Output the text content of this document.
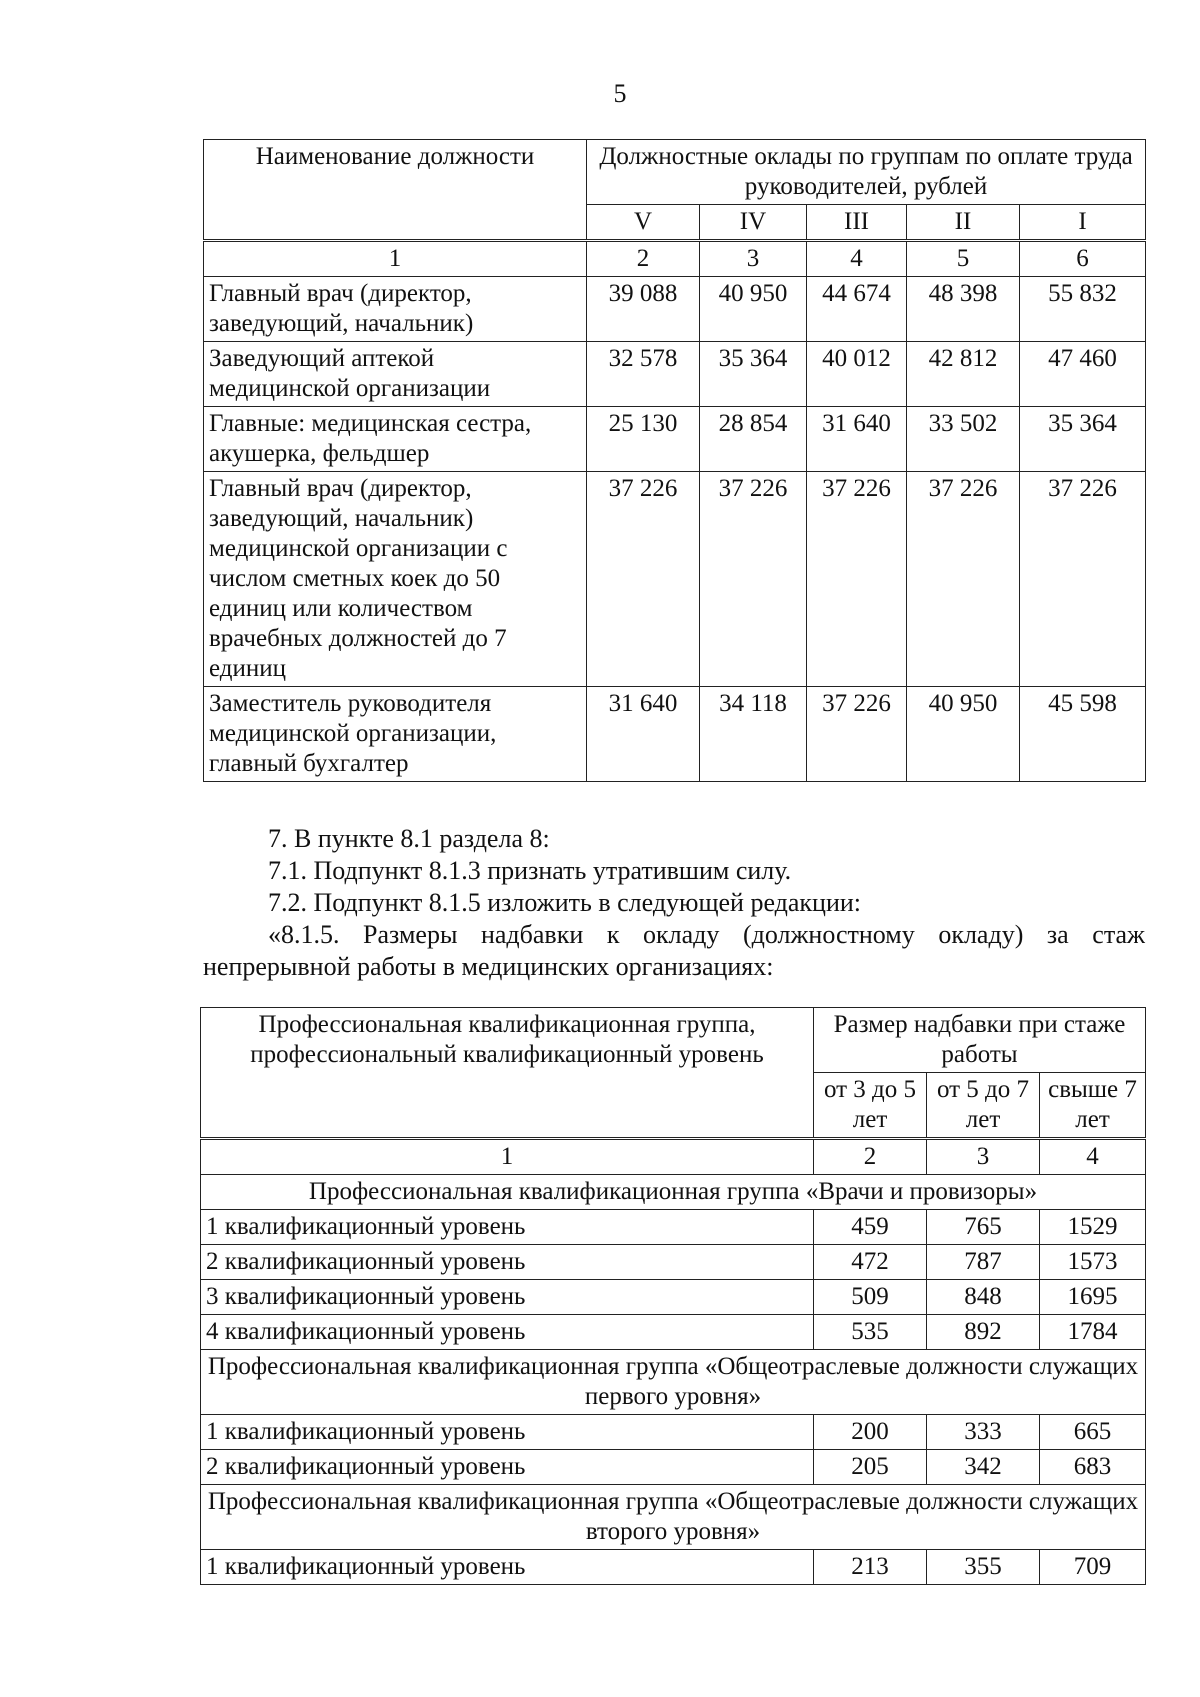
5
Наименование должности	Должностные оклады по группам по оплате труда руководителей, рублей				
	V	IV	III	II	I
1	2	3	4	5	6
Главный врач (директор, заведующий, начальник)	39 088	40 950	44 674	48 398	55 832
Заведующий аптекой медицинской организации	32 578	35 364	40 012	42 812	47 460
Главные: медицинская сестра, акушерка, фельдшер	25 130	28 854	31 640	33 502	35 364
Главный врач (директор, заведующий, начальник) медицинской организации с числом сметных коек до 50 единиц или количеством врачебных должностей до 7 единиц	37 226	37 226	37 226	37 226	37 226
Заместитель руководителя медицинской организации, главный бухгалтер	31 640	34 118	37 226	40 950	45 598

7. В пункте 8.1 раздела 8:

7.1. Подпункт 8.1.3 признать утратившим силу.

7.2. Подпункт 8.1.5 изложить в следующей редакции:

«8.1.5. Размеры надбавки к окладу (должностному окладу) за стаж непрерывной работы в медицинских организациях:

Профессиональная квалификационная группа, профессиональный квалификационный уровень	Размер надбавки при стаже работы		
	от 3 до 5 лет	от 5 до 7 лет	свыше 7 лет
1	2	3	4
Профессиональная квалификационная группа «Врачи и провизоры»			
1 квалификационный уровень	459	765	1529
2 квалификационный уровень	472	787	1573
3 квалификационный уровень	509	848	1695
4 квалификационный уровень	535	892	1784
Профессиональная квалификационная группа «Общеотраслевые должности служащих первого уровня»			
1 квалификационный уровень	200	333	665
2 квалификационный уровень	205	342	683
Профессиональная квалификационная группа «Общеотраслевые должности служащих второго уровня»			
1 квалификационный уровень	213	355	709
